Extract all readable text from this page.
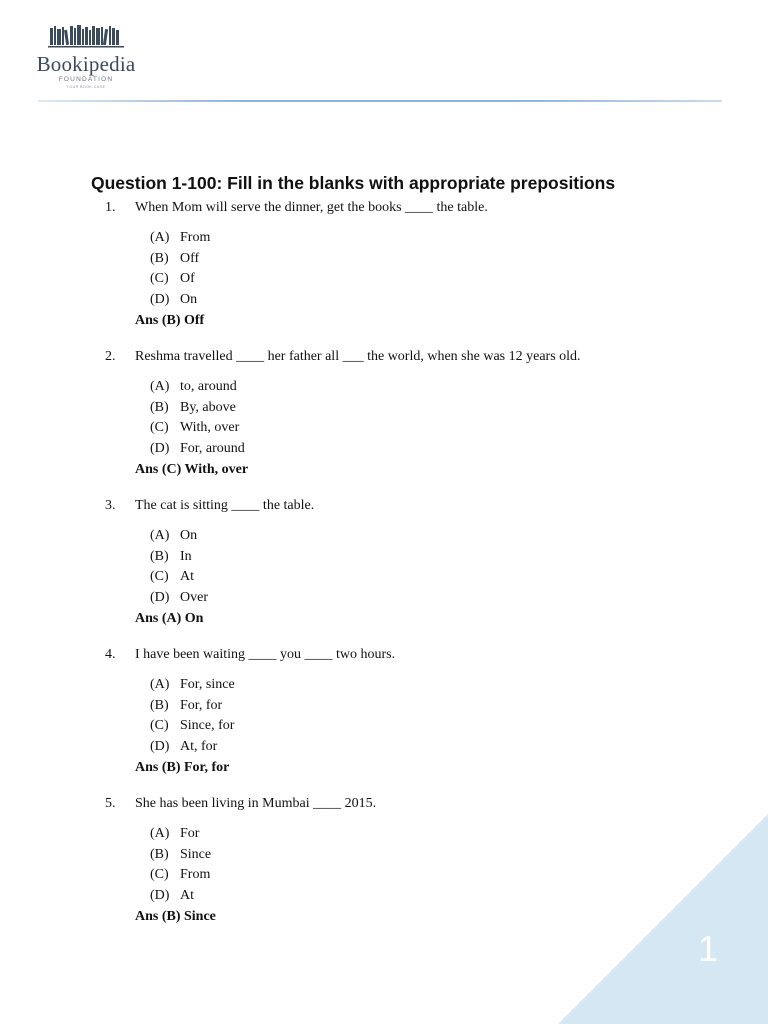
Bookipedia
FOUNDATION
YOUR BOOK CARE
Question 1-100: Fill in the blanks with appropriate prepositions
1.	When Mom will serve the dinner, get the books ____ the table.
(A) From
(B) Off
(C) Of
(D) On
Ans (B) Off
2.	Reshma travelled ____ her father all ___ the world, when she was 12 years old.
(A) to, around
(B) By, above
(C) With, over
(D) For, around
Ans (C) With, over
3.	The cat is sitting ____ the table.
(A) On
(B) In
(C) At
(D) Over
Ans (A) On
4.	I have been waiting ____ you ____ two hours.
(A) For, since
(B) For, for
(C) Since, for
(D) At, for
Ans (B) For, for
5.	She has been living in Mumbai ____ 2015.
(A) For
(B) Since
(C) From
(D) At
Ans (B) Since
1
